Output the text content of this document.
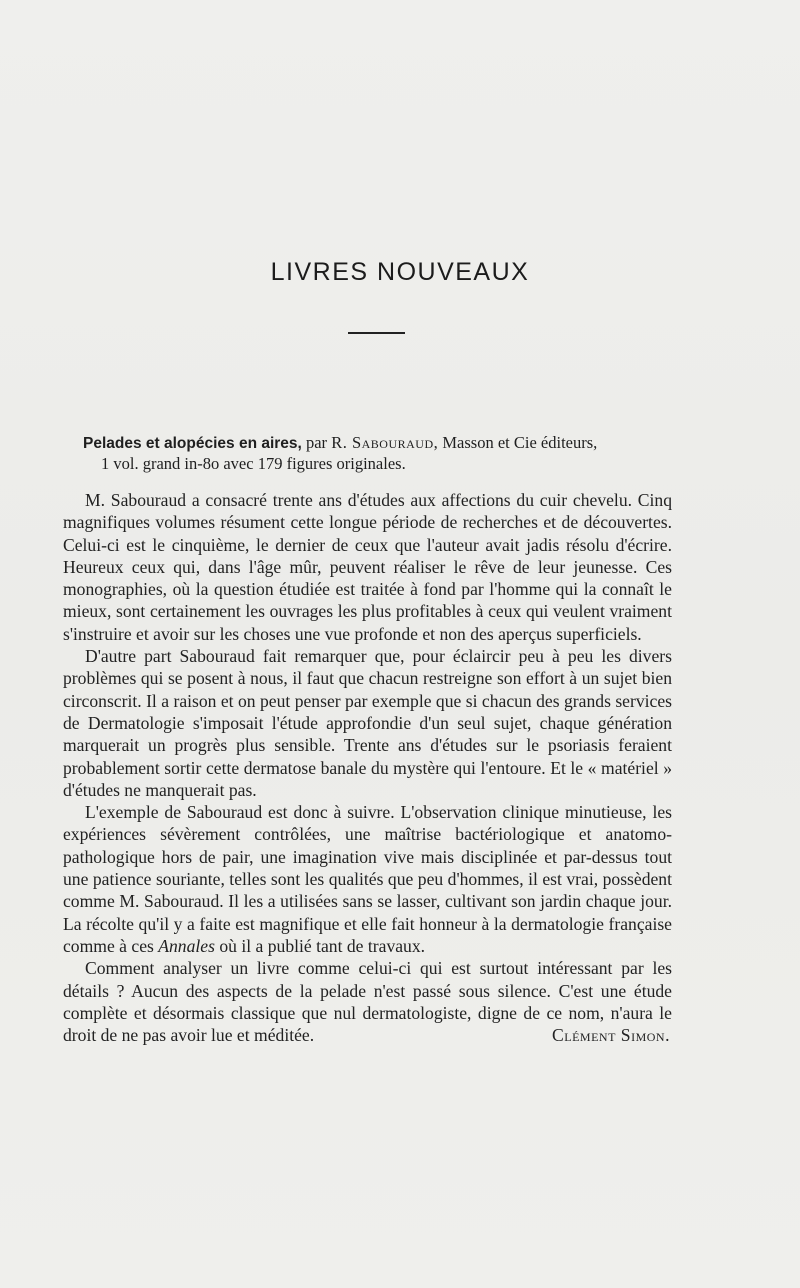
LIVRES NOUVEAUX
Pelades et alopécies en aires, par R. Sabouraud, Masson et Cie éditeurs,
1 vol. grand in-8o avec 179 figures originales.

M. Sabouraud a consacré trente ans d'études aux affections du cuir chevelu. Cinq magnifiques volumes résument cette longue période de recherches et de découvertes. Celui-ci est le cinquième, le dernier de ceux que l'auteur avait jadis résolu d'écrire. Heureux ceux qui, dans l'âge mûr, peuvent réaliser le rêve de leur jeunesse. Ces monographies, où la question étudiée est traitée à fond par l'homme qui la connaît le mieux, sont certainement les ouvrages les plus profitables à ceux qui veulent vraiment s'instruire et avoir sur les choses une vue profonde et non des aperçus superficiels.

D'autre part Sabouraud fait remarquer que, pour éclaircir peu à peu les divers problèmes qui se posent à nous, il faut que chacun restreigne son effort à un sujet bien circonscrit. Il a raison et on peut penser par exemple que si chacun des grands services de Dermatologie s'imposait l'étude approfondie d'un seul sujet, chaque génération marquerait un progrès plus sensible. Trente ans d'études sur le psoriasis feraient probablement sortir cette dermatose banale du mystère qui l'entoure. Et le « matériel » d'études ne manquerait pas.

L'exemple de Sabouraud est donc à suivre. L'observation clinique minutieuse, les expériences sévèrement contrôlées, une maîtrise bactériologique et anatomo-pathologique hors de pair, une imagination vive mais disciplinée et par-dessus tout une patience souriante, telles sont les qualités que peu d'hommes, il est vrai, possèdent comme M. Sabouraud. Il les a utilisées sans se lasser, cultivant son jardin chaque jour. La récolte qu'il y a faite est magnifique et elle fait honneur à la dermatologie française comme à ces Annales où il a publié tant de travaux.

Comment analyser un livre comme celui-ci qui est surtout intéressant par les détails ? Aucun des aspects de la pelade n'est passé sous silence. C'est une étude complète et désormais classique que nul dermatologiste, digne de ce nom, n'aura le droit de ne pas avoir lue et méditée.	Clément Simon.
